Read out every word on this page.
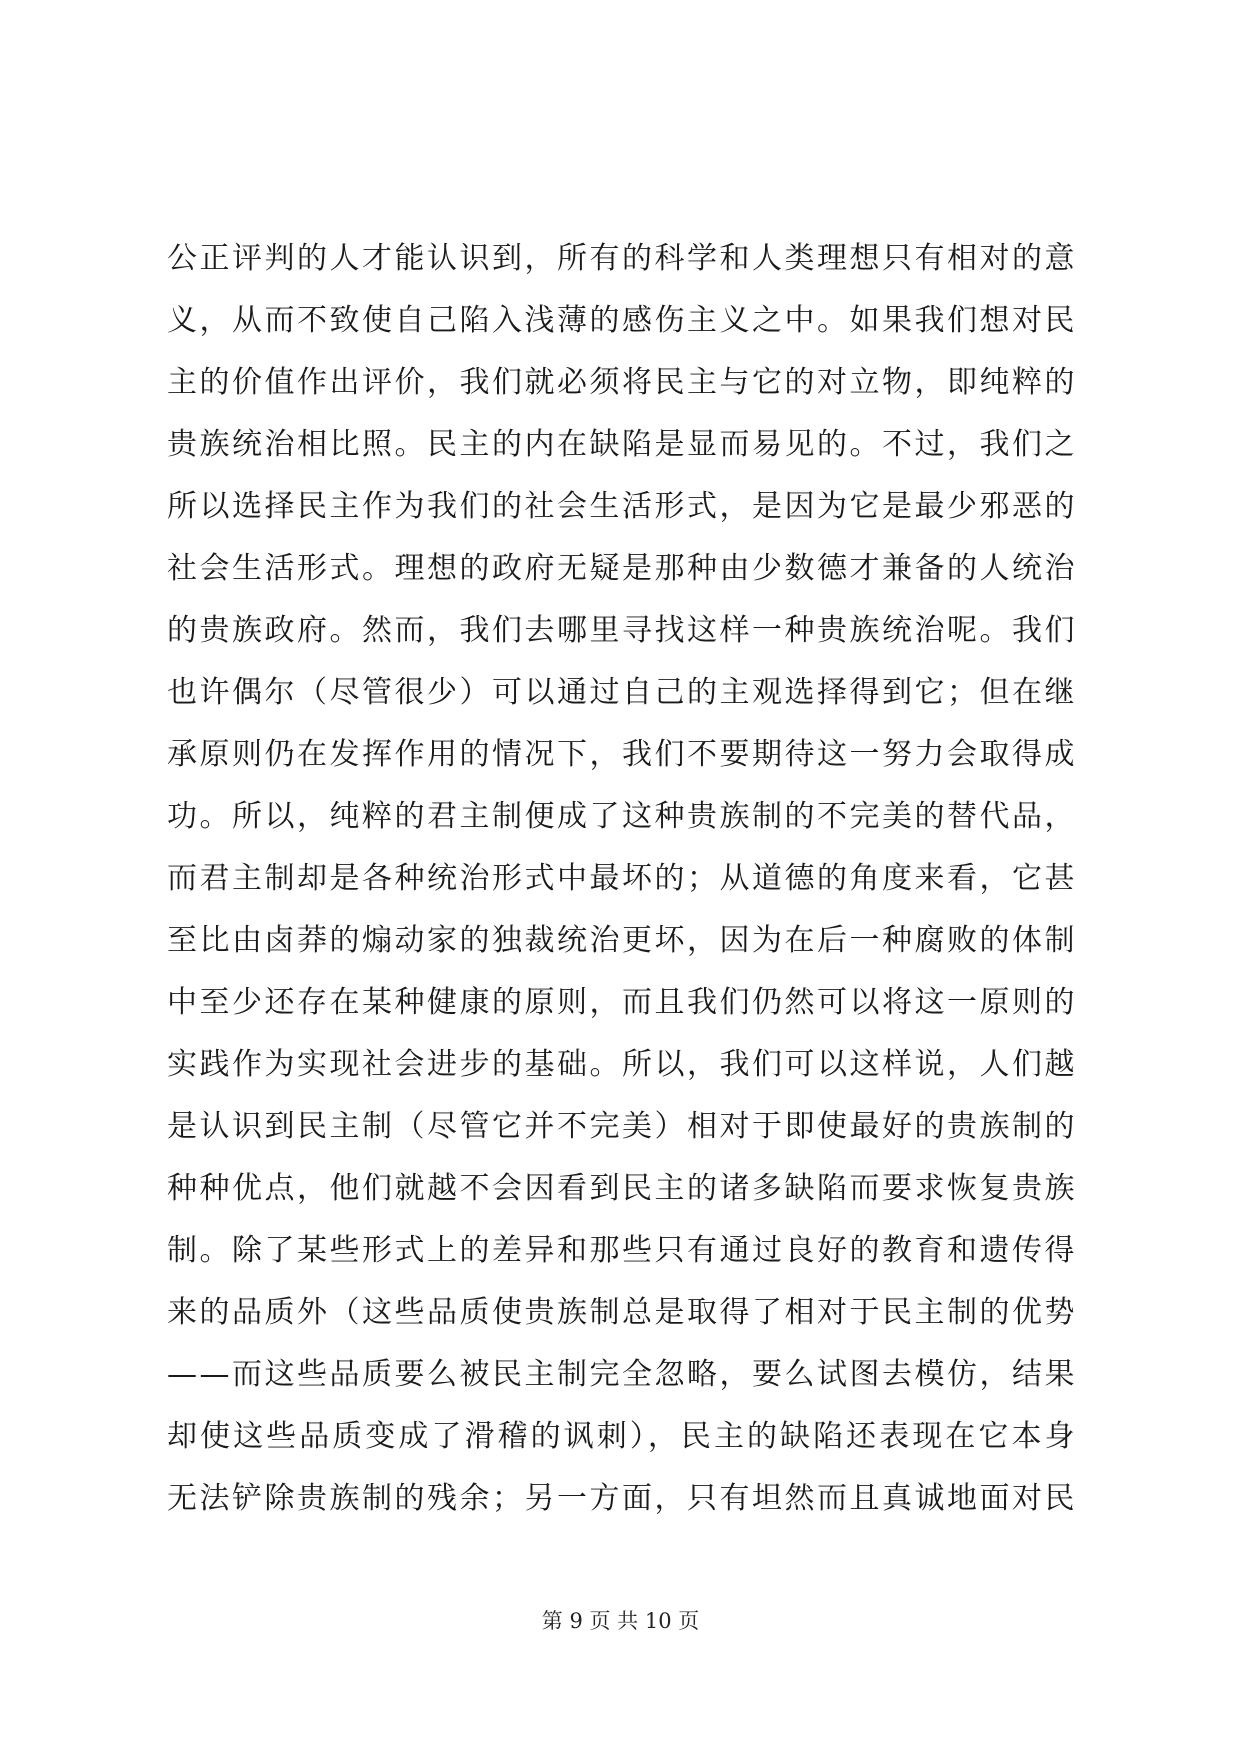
公正评判的人才能认识到，所有的科学和人类理想只有相对的意
义，从而不致使自己陷入浅薄的感伤主义之中。如果我们想对民
主的价值作出评价，我们就必须将民主与它的对立物，即纯粹的
贵族统治相比照。民主的内在缺陷是显而易见的。不过，我们之
所以选择民主作为我们的社会生活形式，是因为它是最少邪恶的
社会生活形式。理想的政府无疑是那种由少数德才兼备的人统治
的贵族政府。然而，我们去哪里寻找这样一种贵族统治呢。我们
也许偶尔（尽管很少）可以通过自己的主观选择得到它；但在继
承原则仍在发挥作用的情况下，我们不要期待这一努力会取得成
功。所以，纯粹的君主制便成了这种贵族制的不完美的替代品，
而君主制却是各种统治形式中最坏的；从道德的角度来看，它甚
至比由卤莽的煽动家的独裁统治更坏，因为在后一种腐败的体制
中至少还存在某种健康的原则，而且我们仍然可以将这一原则的
实践作为实现社会进步的基础。所以，我们可以这样说，人们越
是认识到民主制（尽管它并不完美）相对于即使最好的贵族制的
种种优点，他们就越不会因看到民主的诸多缺陷而要求恢复贵族
制。除了某些形式上的差异和那些只有通过良好的教育和遗传得
来的品质外（这些品质使贵族制总是取得了相对于民主制的优势
——而这些品质要么被民主制完全忽略，要么试图去模仿，结果
却使这些品质变成了滑稽的讽刺），民主的缺陷还表现在它本身
无法铲除贵族制的残余；另一方面，只有坦然而且真诚地面对民
第 9 页 共 10 页
